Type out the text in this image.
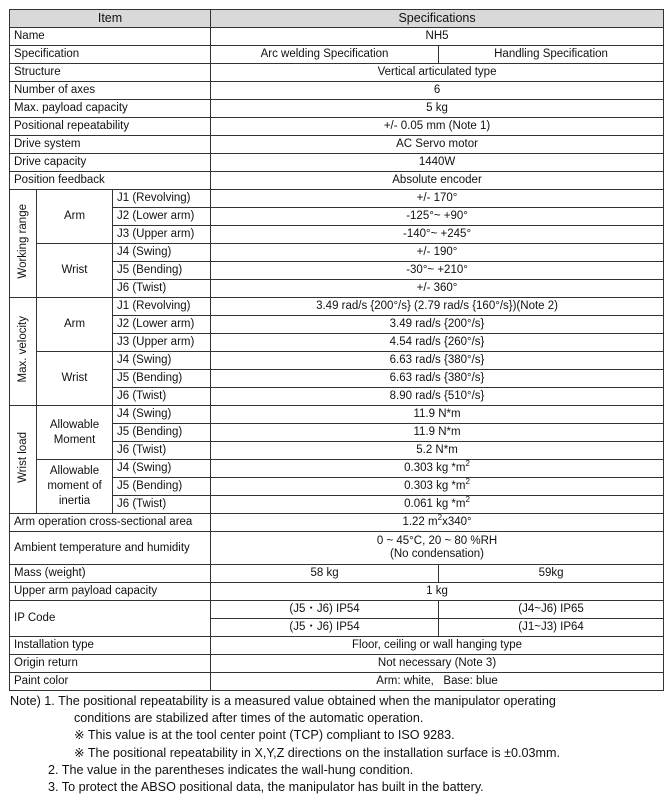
Item			Specifications	
Name			NH5	
Specification			Arc welding Specification	Handling Specification
Structure			Vertical articulated type	
Number of axes			6	
Max. payload capacity			5 kg	
Positional repeatability			+/- 0.05 mm (Note 1)	
Drive system			AC Servo motor	
Drive capacity			1440W	
Position feedback			Absolute encoder	
Working range	Arm	J1 (Revolving)	+/- 170°	
		J2 (Lower arm)	-125°~ +90°	
		J3 (Upper arm)	-140°~ +245°	
	Wrist	J4 (Swing)	+/- 190°	
		J5 (Bending)	-30°~ +210°	
		J6 (Twist)	+/- 360°	
Max. velocity	Arm	J1 (Revolving)	3.49 rad/s {200°/s} (2.79 rad/s {160°/s})(Note 2)	
		J2 (Lower arm)	3.49 rad/s {200°/s}	
		J3 (Upper arm)	4.54 rad/s {260°/s}	
	Wrist	J4 (Swing)	6.63 rad/s {380°/s}	
		J5 (Bending)	6.63 rad/s {380°/s}	
		J6 (Twist)	8.90 rad/s {510°/s}	
Wrist load	Allowable Moment	J4 (Swing)	11.9 N*m	
		J5 (Bending)	11.9 N*m	
		J6 (Twist)	5.2 N*m	
	Allowable moment of inertia	J4 (Swing)	0.303 kg $*m^2$
		J5 (Bending)	0.303 kg $*m^2$
		J6 (Twist)	0.061 kg $*m^2$
Arm operation cross-sectional area			1.22 $m^2x340^\circ$	
Ambient temperature and humidity			0 ~ 45°C, 20 ~ 80 %RH
(No condensation)	

Mass (weight)			58 kg	59kg
Upper arm payload capacity			1 kg	
IP Code			(J5・J6) IP54	(J4~J6) IP65
			(J5・J6) IP54	(J1~J3) IP64
Installation type			Floor, ceiling or wall hanging type	
Origin return			Not necessary (Note 3)	
Paint color			Arm: white,   Base: blue	
Note) 1. The positional repeatability is a measured value obtained when the manipulator operating
conditions are stabilized after times of the automatic operation.
※ This value is at the tool center point (TCP) compliant to ISO 9283.
※ The positional repeatability in X,Y,Z directions on the installation surface is ±0.03mm.
2. The value in the parentheses indicates the wall-hung condition.
3. To protect the ABSO positional data, the manipulator has built in the battery.
